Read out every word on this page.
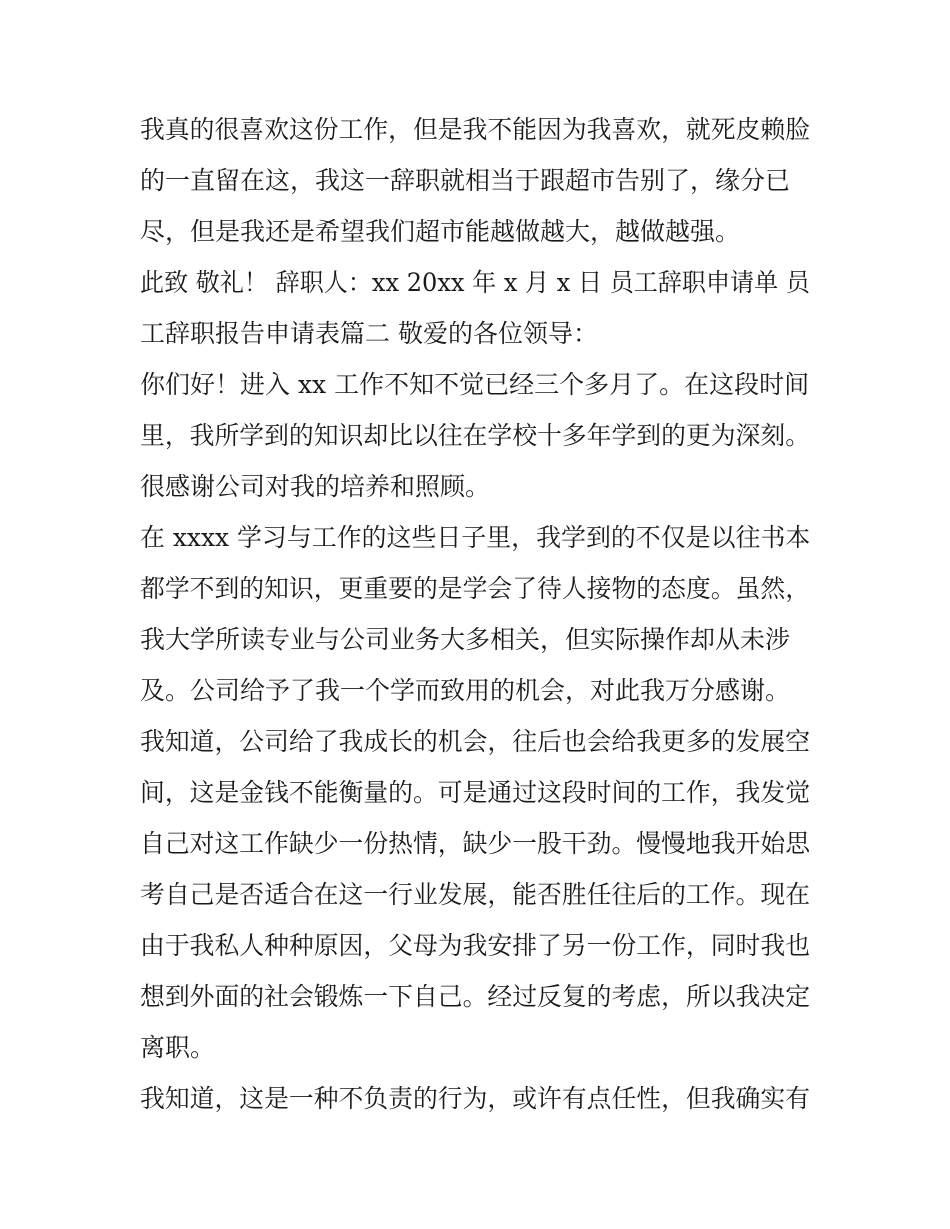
我真的很喜欢这份工作，但是我不能因为我喜欢，就死皮赖脸
的一直留在这，我这一辞职就相当于跟超市告别了，缘分已
尽，但是我还是希望我们超市能越做越大，越做越强。
此致 敬礼！ 辞职人：xx 20xx 年 x 月 x 日 员工辞职申请单 员
工辞职报告申请表篇二 敬爱的各位领导：
你们好！进入 xx 工作不知不觉已经三个多月了。在这段时间
里，我所学到的知识却比以往在学校十多年学到的更为深刻。
很感谢公司对我的培养和照顾。
在 xxxx 学习与工作的这些日子里，我学到的不仅是以往书本
都学不到的知识，更重要的是学会了待人接物的态度。虽然，
我大学所读专业与公司业务大多相关，但实际操作却从未涉
及。公司给予了我一个学而致用的机会，对此我万分感谢。
我知道，公司给了我成长的机会，往后也会给我更多的发展空
间，这是金钱不能衡量的。可是通过这段时间的工作，我发觉
自己对这工作缺少一份热情，缺少一股干劲。慢慢地我开始思
考自己是否适合在这一行业发展，能否胜任往后的工作。现在
由于我私人种种原因，父母为我安排了另一份工作，同时我也
想到外面的社会锻炼一下自己。经过反复的考虑，所以我决定
离职。
我知道，这是一种不负责的行为，或许有点任性，但我确实有
